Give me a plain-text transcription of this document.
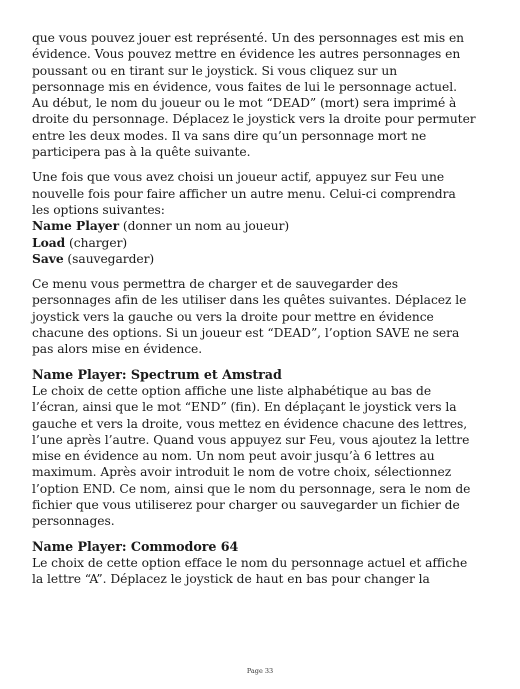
que vous pouvez jouer est représenté. Un des personnages est mis en
évidence. Vous pouvez mettre en évidence les autres personnages en
poussant ou en tirant sur le joystick. Si vous cliquez sur un
personnage mis en évidence, vous faites de lui le personnage actuel.
Au début, le nom du joueur ou le mot “DEAD” (mort) sera imprimé à
droite du personnage. Déplacez le joystick vers la droite pour permuter
entre les deux modes. Il va sans dire qu’un personnage mort ne
participera pas à la quête suivante.
Une fois que vous avez choisi un joueur actif, appuyez sur Feu une
nouvelle fois pour faire afficher un autre menu. Celui-ci comprendra
les options suivantes:
Name Player (donner un nom au joueur)
Load (charger)
Save (sauvegarder)
Ce menu vous permettra de charger et de sauvegarder des
personnages afin de les utiliser dans les quêtes suivantes. Déplacez le
joystick vers la gauche ou vers la droite pour mettre en évidence
chacune des options. Si un joueur est “DEAD”, l’option SAVE ne sera
pas alors mise en évidence.
Name Player: Spectrum et Amstrad
Le choix de cette option affiche une liste alphabétique au bas de
l’écran, ainsi que le mot “END” (fin). En déplaçant le joystick vers la
gauche et vers la droite, vous mettez en évidence chacune des lettres,
l’une après l’autre. Quand vous appuyez sur Feu, vous ajoutez la lettre
mise en évidence au nom. Un nom peut avoir jusqu’à 6 lettres au
maximum. Après avoir introduit le nom de votre choix, sélectionnez
l’option END. Ce nom, ainsi que le nom du personnage, sera le nom de
fichier que vous utiliserez pour charger ou sauvegarder un fichier de
personnages.
Name Player: Commodore 64
Le choix de cette option efface le nom du personnage actuel et affiche
la lettre “A”. Déplacez le joystick de haut en bas pour changer la
Page 33
